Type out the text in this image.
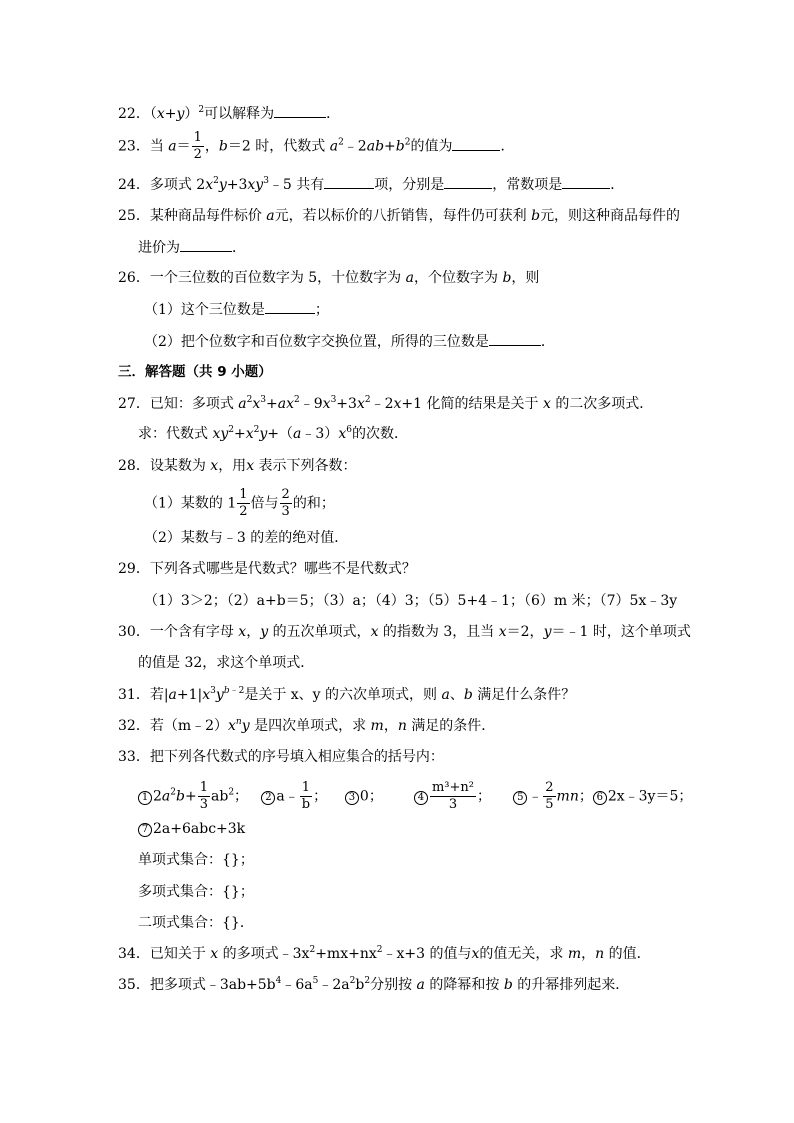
22．$(x+y)^2$可以解释为	．
23．当 $a= \frac{1}{2}$ ，b＝2 时，代数式 $a^2﹣2ab+b^2$的值为	．
24．多项式 $2x^2y+3xy^3﹣5$ 共有	项，分别是	，常数项是	．
25．某种商品每件标价 a元，若以标价的八折销售，每件仍可获利 b元，则这种商品每件的
进价为	．
26．一个三位数的百位数字为 5，十位数字为 a，个位数字为 b，则
（1）这个三位数是	；
（2）把个位数字和百位数字交换位置，所得的三位数是	．
三．解答题（共 9 小题）
27．已知：多项式 $a^2x^3+ax^2﹣9x^3+3x^2﹣2x+1$ 化简的结果是关于 x 的二次多项式．
求：代数式 $xy^2+x^2y+(a﹣3)x^6$的次数．
28．设某数为 x，用x 表示下列各数：
（1）某数的 $1 \frac{1}{2}$ 倍与 $\frac{2}{3}$ 的和；
（2）某数与﹣3 的差的绝对值．
29．下列各式哪些是代数式？哪些不是代数式？
（1）3＞2；（2）a+b＝5；（3）a；（4）3；（5）5+4﹣1；（6）m 米；（7）5x﹣3y
30．一个含有字母 x，y 的五次单项式，x 的指数为 3，且当 x＝2，y＝﹣1 时，这个单项式
的值是 32，求这个单项式．
31．若$|a+1|x^3y^{b﹣2}$是关于 x、y 的六次单项式，则 a、b 满足什么条件？
32．若$(m﹣2)x^ny$ 是四次单项式，求 m，n 满足的条件．
33．把下列各代数式的序号填入相应集合的括号内：
1 $2a^2b+ \frac{1}{3} ab^2$；   2 a﹣ $\frac{1}{b}$ ；    3 0；	$4 \frac{\text{m³+n²}}{3}$ ；     5 ﹣ $\frac{2}{5}$ mn； 6 2x﹣3y＝5；
7 2a+6abc+3k
单项式集合：{}；
多项式集合：{}；
二项式集合：{}．
34．已知关于 x 的多项式$﹣3x^2+mx+nx^2﹣x+3$ 的值与x的值无关，求 m，n 的值．
35．把多项式$﹣3ab+5b^4﹣6a^5﹣2a^2b^2$分别按 a 的降幂和按 b 的升幂排列起来．
